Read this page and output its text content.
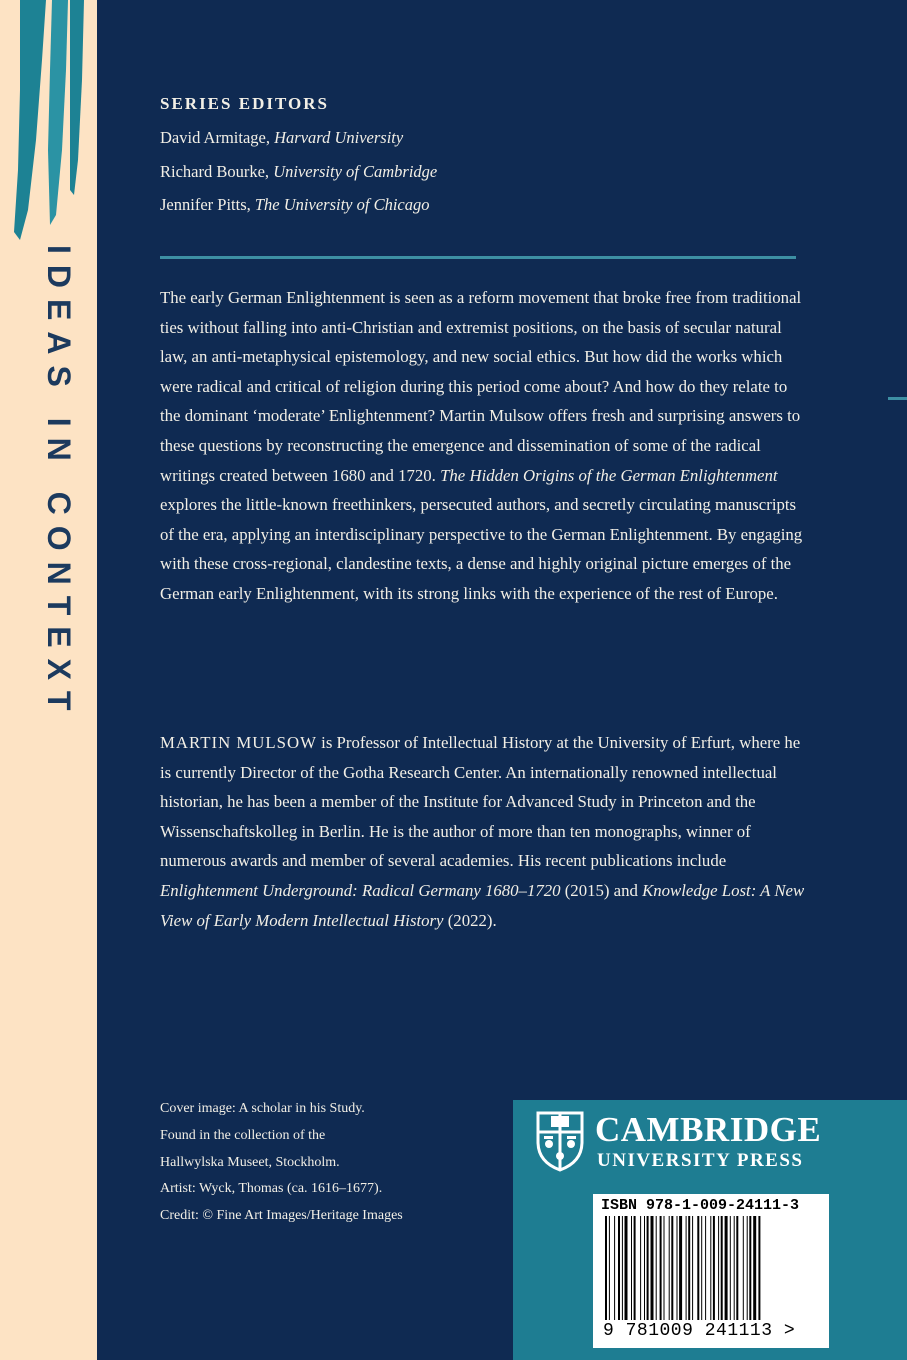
IDEAS IN CONTEXT
SERIES EDITORS
David Armitage, Harvard University
Richard Bourke, University of Cambridge
Jennifer Pitts, The University of Chicago

The early German Enlightenment is seen as a reform movement that broke free from traditional ties without falling into anti-Christian and extremist positions, on the basis of secular natural law, an anti-metaphysical epistemology, and new social ethics. But how did the works which were radical and critical of religion during this period come about? And how do they relate to the dominant ‘moderate’ Enlightenment? Martin Mulsow offers fresh and surprising answers to these questions by reconstructing the emergence and dissemination of some of the radical writings created between 1680 and 1720. The Hidden Origins of the German Enlightenment explores the little-known freethinkers, persecuted authors, and secretly circulating manuscripts of the era, applying an interdisciplinary perspective to the German Enlightenment. By engaging with these cross-regional, clandestine texts, a dense and highly original picture emerges of the German early Enlightenment, with its strong links with the experience of the rest of Europe.

MARTIN MULSOW is Professor of Intellectual History at the University of Erfurt, where he is currently Director of the Gotha Research Center. An internationally renowned intellectual historian, he has been a member of the Institute for Advanced Study in Princeton and the Wissenschaftskolleg in Berlin. He is the author of more than ten monographs, winner of numerous awards and member of several academies. His recent publications include Enlightenment Underground: Radical Germany 1680–1720 (2015) and Knowledge Lost: A New View of Early Modern Intellectual History (2022).

Cover image: A scholar in his Study.
Found in the collection of the
Hallwylska Museet, Stockholm.
Artist: Wyck, Thomas (ca. 1616–1677).
Credit: © Fine Art Images/Heritage Images
CAMBRIDGE
UNIVERSITY PRESS
ISBN 978-1-009-24111-3
9 781009 241113 >
